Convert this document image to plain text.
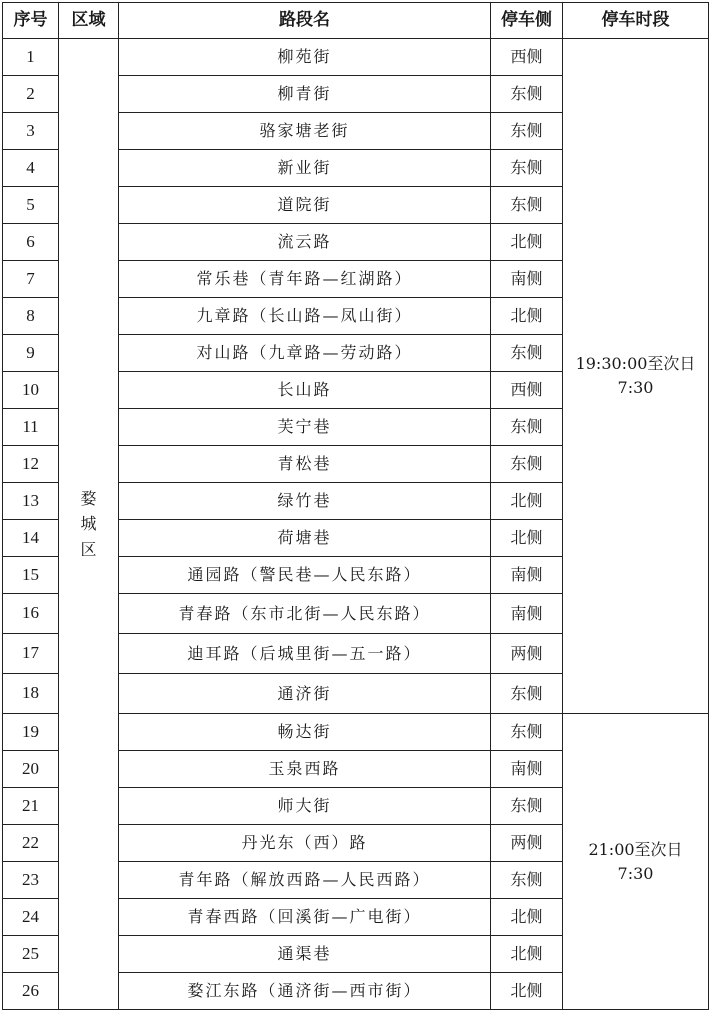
序号	区域	路段名	停车侧	停车时段
1	婺城区	柳苑街	西侧	19:30:00至次日
7:30

2		柳青街	东侧	
3		骆家塘老街	东侧	
4		新业街	东侧	
5		道院街	东侧	
6		流云路	北侧	
7		常乐巷（青年路—红湖路）	南侧	
8		九章路（长山路—凤山街）	北侧	
9		对山路（九章路—劳动路）	东侧	
10		长山路	西侧	
11		芙宁巷	东侧	
12		青松巷	东侧	
13		绿竹巷	北侧	
14		荷塘巷	北侧	
15		通园路（警民巷—人民东路）	南侧	
16		青春路（东市北街—人民东路）	南侧	
17		迪耳路（后城里街—五一路）	两侧	
18		通济街	东侧	
19		畅达街	东侧	21:00至次日
7:30

20		玉泉西路	南侧	
21		师大街	东侧	
22		丹光东（西）路	两侧	
23		青年路（解放西路—人民西路）	东侧	
24		青春西路（回溪街—广电街）	北侧	
25		通渠巷	北侧	
26		婺江东路（通济街—西市街）	北侧	
